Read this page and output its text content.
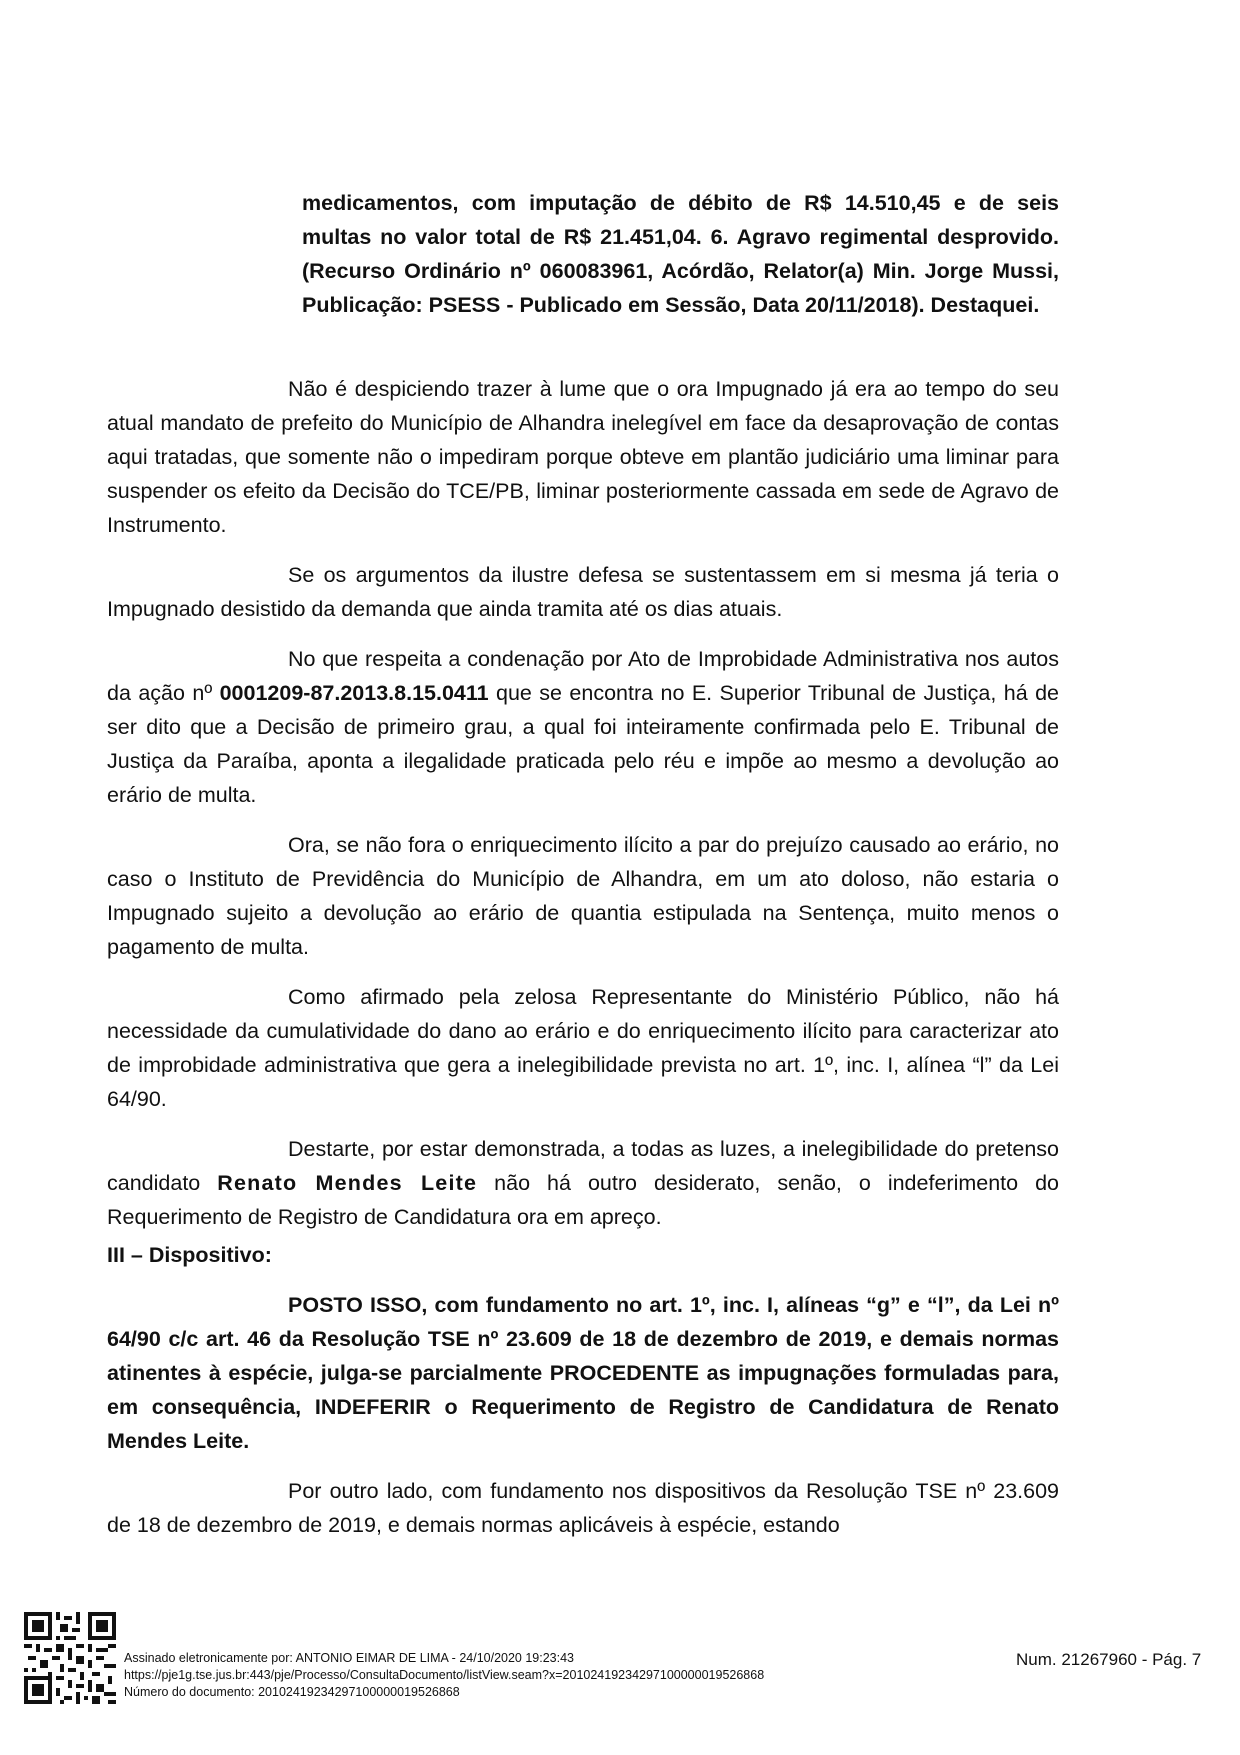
medicamentos, com imputação de débito de R$ 14.510,45 e de seis multas no valor total de R$ 21.451,04. 6. Agravo regimental desprovido. (Recurso Ordinário nº 060083961, Acórdão, Relator(a) Min. Jorge Mussi, Publicação: PSESS - Publicado em Sessão, Data 20/11/2018). Destaquei.

Não é despiciendo trazer à lume que o ora Impugnado já era ao tempo do seu atual mandato de prefeito do Município de Alhandra inelegível em face da desaprovação de contas aqui tratadas, que somente não o impediram porque obteve em plantão judiciário uma liminar para suspender os efeito da Decisão do TCE/PB, liminar posteriormente cassada em sede de Agravo de Instrumento.

Se os argumentos da ilustre defesa se sustentassem em si mesma já teria o Impugnado desistido da demanda que ainda tramita até os dias atuais.

No que respeita a condenação por Ato de Improbidade Administrativa nos autos da ação nº 0001209-87.2013.8.15.0411 que se encontra no E. Superior Tribunal de Justiça, há de ser dito que a Decisão de primeiro grau, a qual foi inteiramente confirmada pelo E. Tribunal de Justiça da Paraíba, aponta a ilegalidade praticada pelo réu e impõe ao mesmo a devolução ao erário de multa.

Ora, se não fora o enriquecimento ilícito a par do prejuízo causado ao erário, no caso o Instituto de Previdência do Município de Alhandra, em um ato doloso, não estaria o Impugnado sujeito a devolução ao erário de quantia estipulada na Sentença, muito menos o pagamento de multa.

Como afirmado pela zelosa Representante do Ministério Público, não há necessidade da cumulatividade do dano ao erário e do enriquecimento ilícito para caracterizar ato de improbidade administrativa que gera a inelegibilidade prevista no art. 1º, inc. I, alínea “l” da Lei 64/90.

Destarte, por estar demonstrada, a todas as luzes, a inelegibilidade do pretenso candidato Renato Mendes Leite não há outro desiderato, senão, o indeferimento do Requerimento de Registro de Candidatura ora em apreço.

III – Dispositivo:

POSTO ISSO, com fundamento no art. 1º, inc. I, alíneas “g” e “l”, da Lei nº 64/90 c/c art. 46 da Resolução TSE nº 23.609 de 18 de dezembro de 2019, e demais normas atinentes à espécie, julga-se parcialmente PROCEDENTE as impugnações formuladas para, em consequência, INDEFERIR o Requerimento de Registro de Candidatura de Renato Mendes Leite.

Por outro lado, com fundamento nos dispositivos da Resolução TSE nº 23.609 de 18 de dezembro de 2019, e demais normas aplicáveis à espécie, estando

Assinado eletronicamente por: ANTONIO EIMAR DE LIMA - 24/10/2020 19:23:43
https://pje1g.tse.jus.br:443/pje/Processo/ConsultaDocumento/listView.seam?x=20102419234297100000019526868
Número do documento: 20102419234297100000019526868
Num. 21267960 - Pág. 7
